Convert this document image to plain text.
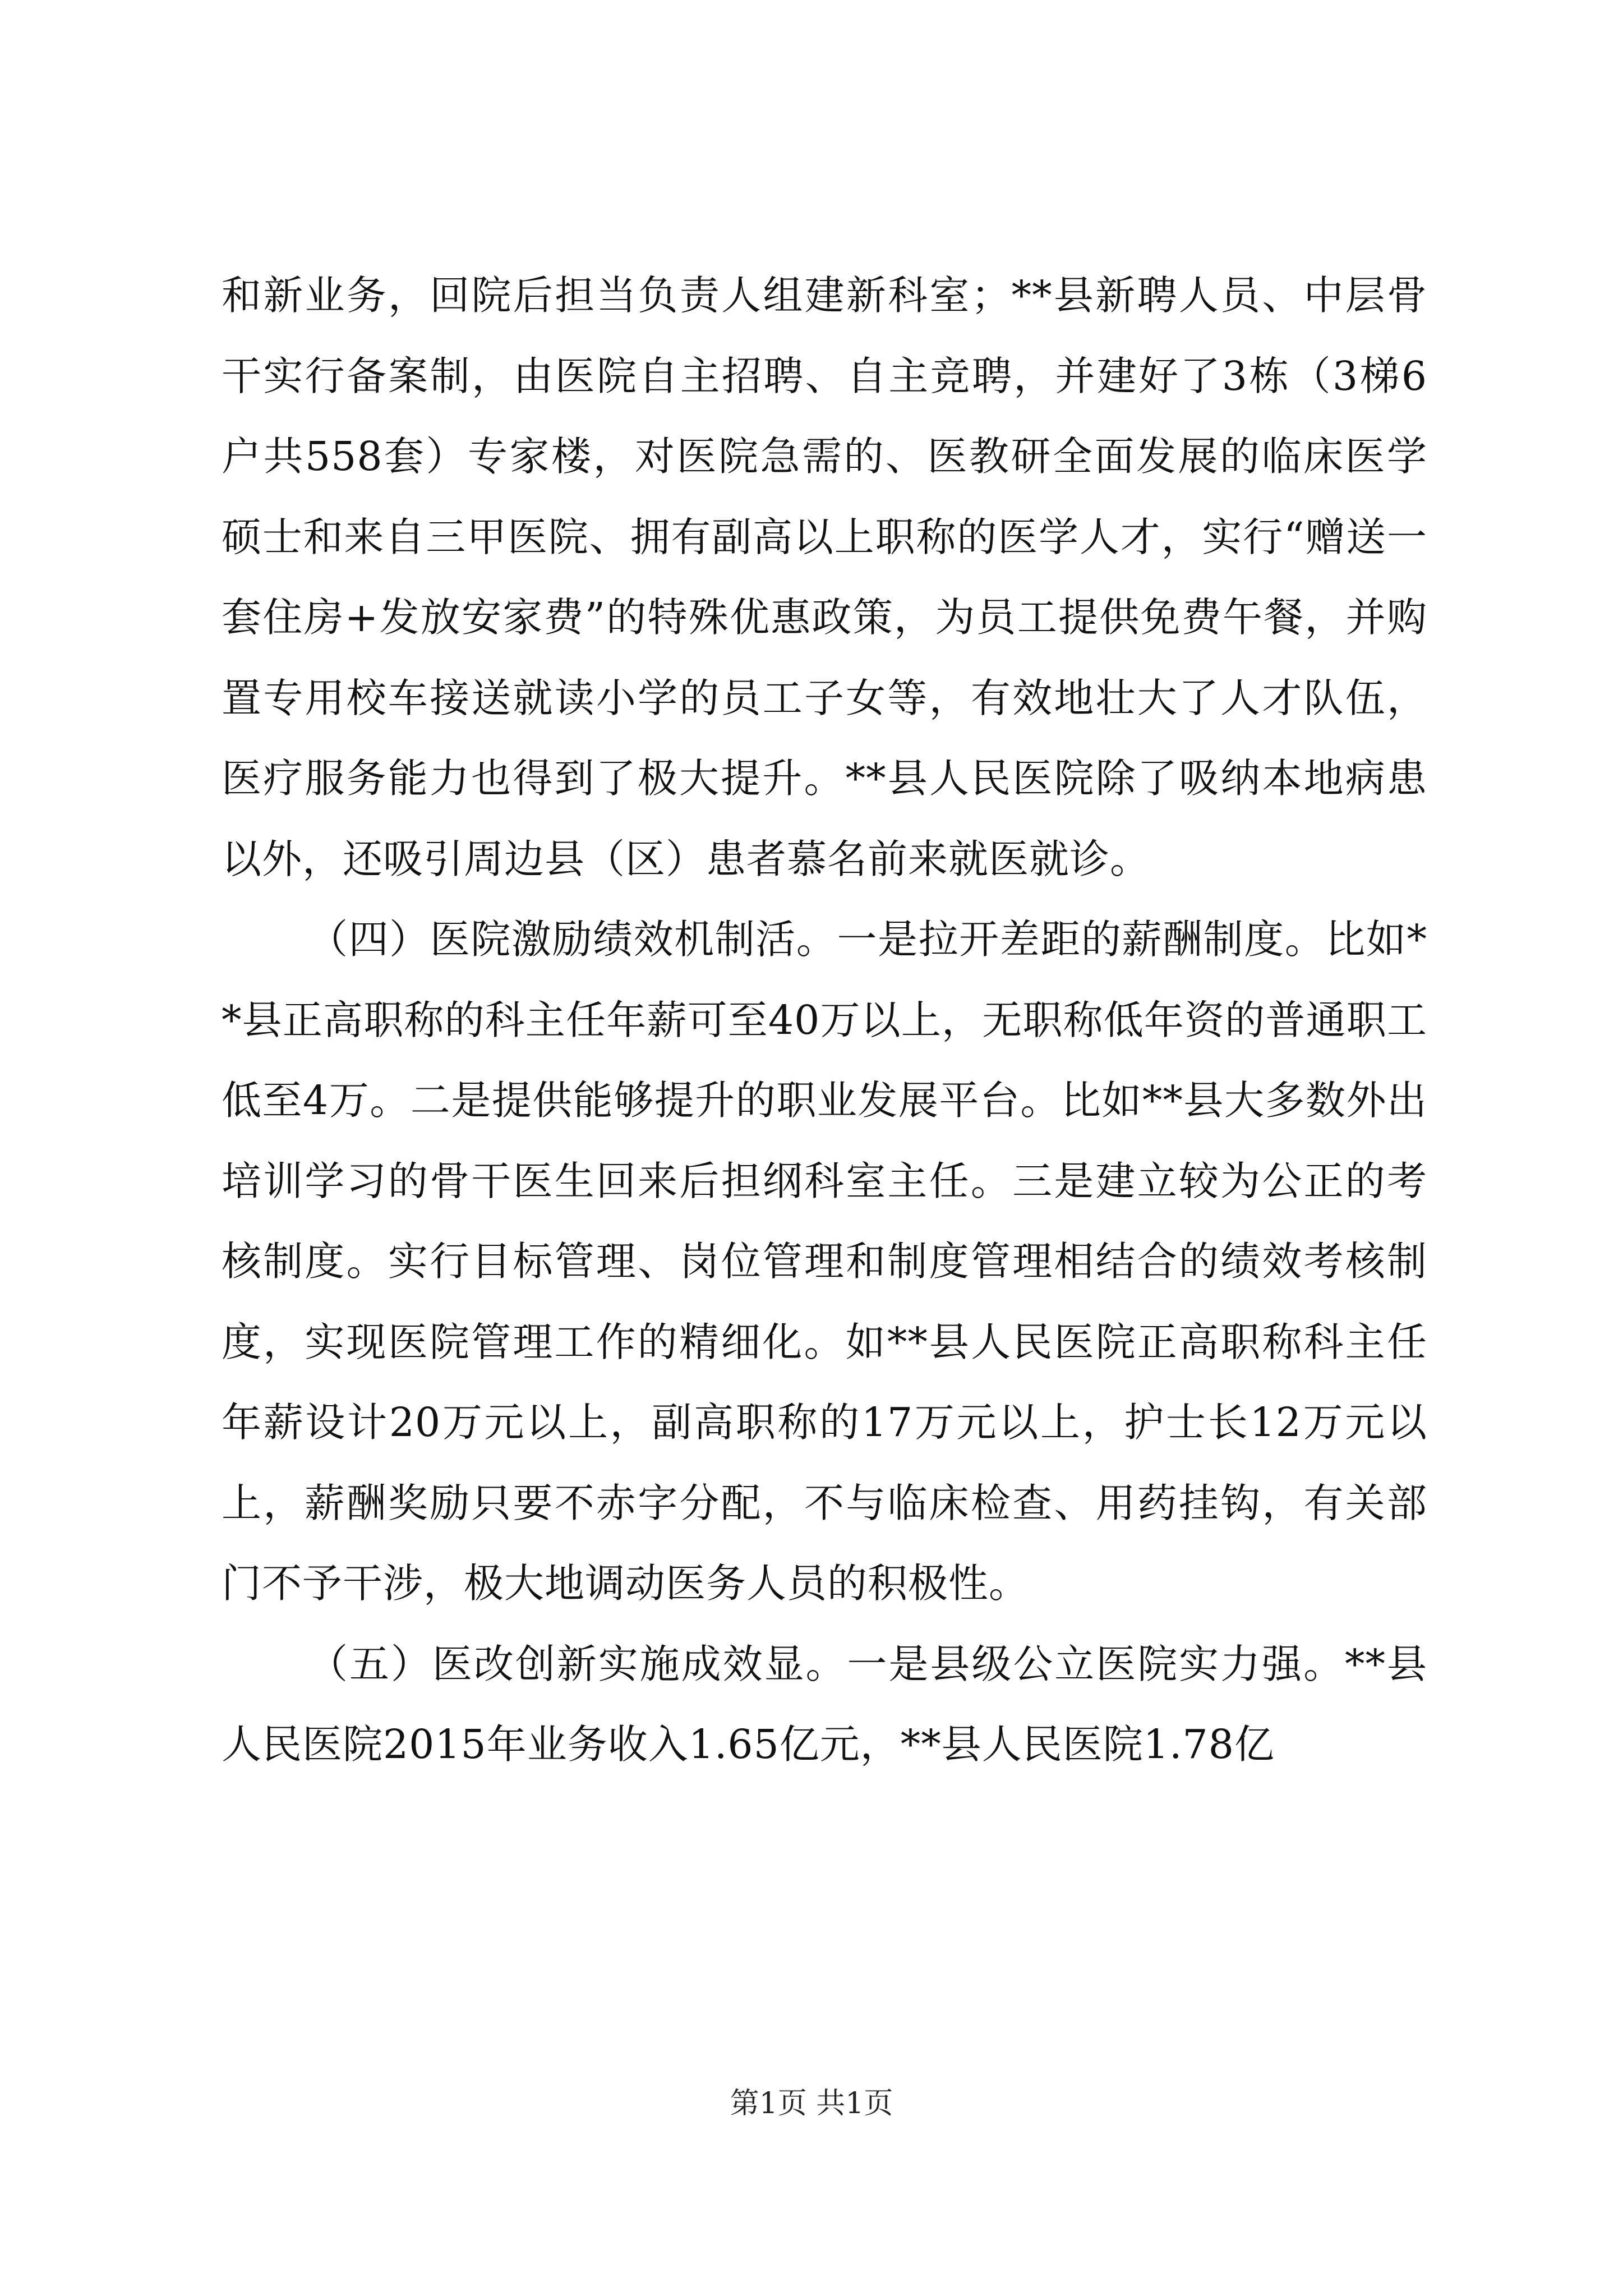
和新业务，回院后担当负责人组建新科室；**县新聘人员、中层骨干实行备案制，由医院自主招聘、自主竞聘，并建好了3栋（3梯6户共558套）专家楼，对医院急需的、医教研全面发展的临床医学硕士和来自三甲医院、拥有副高以上职称的医学人才，实行“赠送一套住房+发放安家费”的特殊优惠政策，为员工提供免费午餐，并购置专用校车接送就读小学的员工子女等，有效地壮大了人才队伍，医疗服务能力也得到了极大提升。**县人民医院除了吸纳本地病患以外，还吸引周边县（区）患者慕名前来就医就诊。

（四）医院激励绩效机制活。一是拉开差距的薪酬制度。比如**县正高职称的科主任年薪可至40万以上，无职称低年资的普通职工低至4万。二是提供能够提升的职业发展平台。比如**县大多数外出培训学习的骨干医生回来后担纲科室主任。三是建立较为公正的考核制度。实行目标管理、岗位管理和制度管理相结合的绩效考核制度，实现医院管理工作的精细化。如**县人民医院正高职称科主任年薪设计20万元以上，副高职称的17万元以上，护士长12万元以上，薪酬奖励只要不赤字分配，不与临床检查、用药挂钩，有关部门不予干涉，极大地调动医务人员的积极性。

（五）医改创新实施成效显。一是县级公立医院实力强。**县人民医院2015年业务收入1.65亿元，**县人民医院1.78亿

第1页 共1页
